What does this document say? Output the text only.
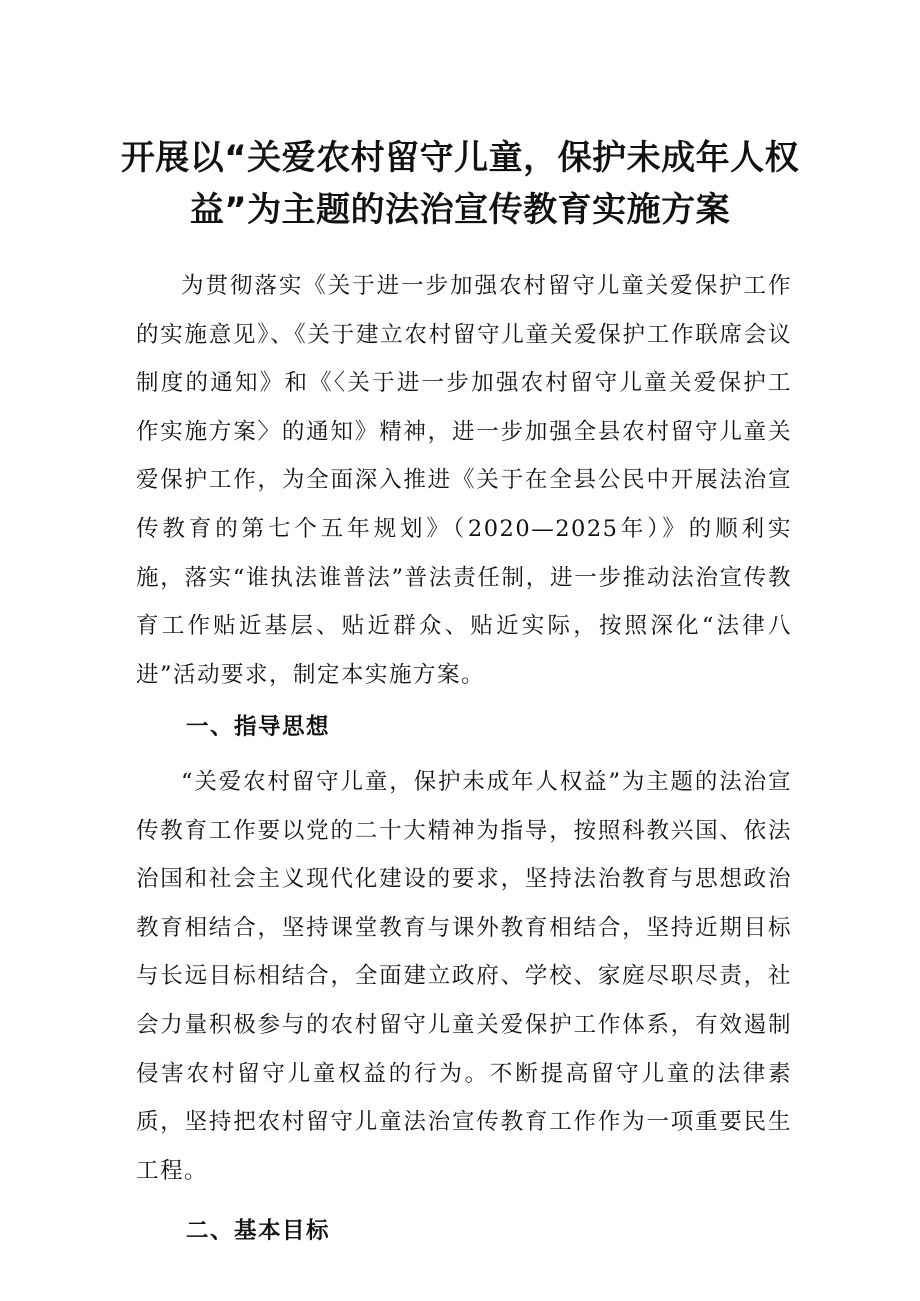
开展以“关爱农村留守儿童，保护未成年人权
益”为主题的法治宣传教育实施方案

为贯彻落实《关于进一步加强农村留守儿童关爱保护工作的实施意见》、《关于建立农村留守儿童关爱保护工作联席会议制度的通知》和《〈关于进一步加强农村留守儿童关爱保护工作实施方案〉的通知》精神，进一步加强全县农村留守儿童关爱保护工作，为全面深入推进《关于在全县公民中开展法治宣传教育的第七个五年规划》（2020—2025年）》的顺利实施，落实“谁执法谁普法”普法责任制，进一步推动法治宣传教育工作贴近基层、贴近群众、贴近实际，按照深化“法律八进”活动要求，制定本实施方案。

一、指导思想

“关爱农村留守儿童，保护未成年人权益”为主题的法治宣传教育工作要以党的二十大精神为指导，按照科教兴国、依法治国和社会主义现代化建设的要求，坚持法治教育与思想政治教育相结合，坚持课堂教育与课外教育相结合，坚持近期目标与长远目标相结合，全面建立政府、学校、家庭尽职尽责，社会力量积极参与的农村留守儿童关爱保护工作体系，有效遏制侵害农村留守儿童权益的行为。不断提高留守儿童的法律素质，坚持把农村留守儿童法治宣传教育工作作为一项重要民生工程。

二、基本目标
